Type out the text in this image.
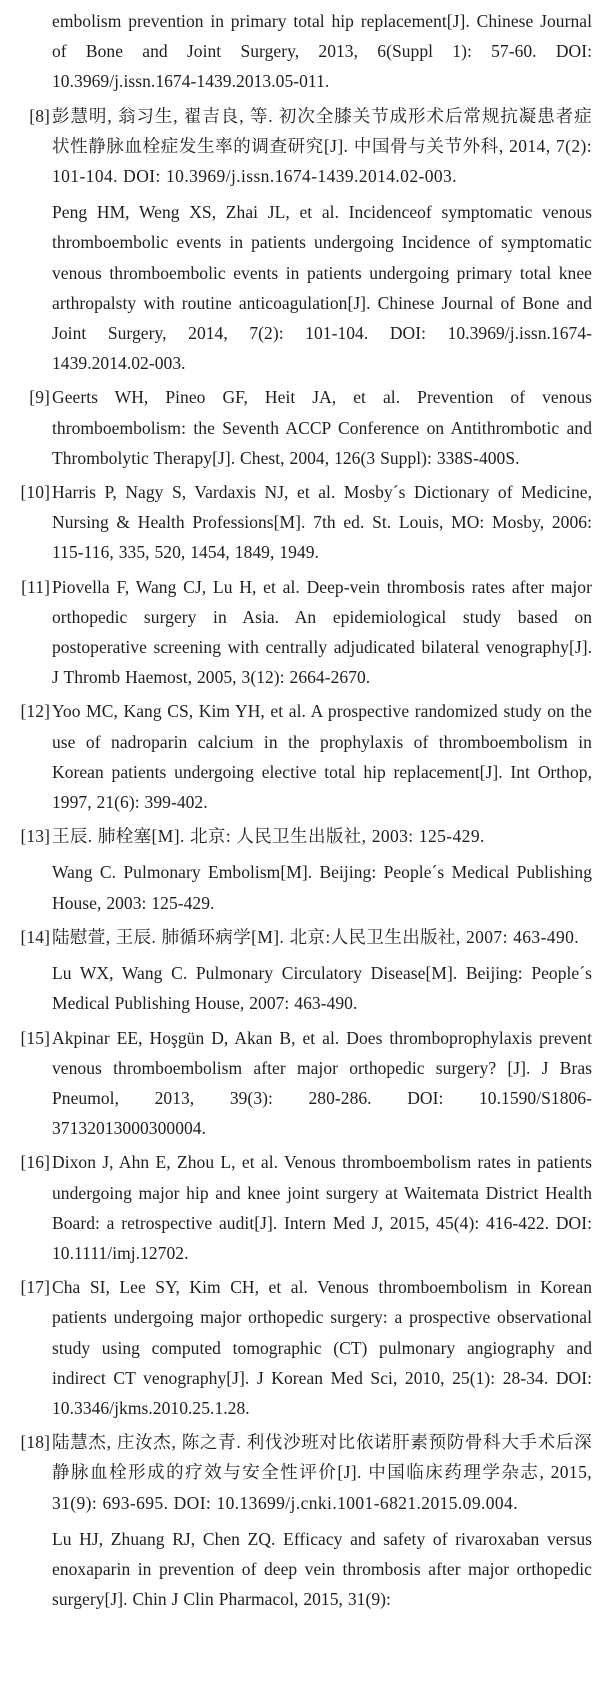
embolism prevention in primary total hip replacement[J]. Chinese Journal of Bone and Joint Surgery, 2013, 6(Suppl 1): 57-60. DOI: 10.3969/j.issn.1674-1439.2013.05-011.

[8] 彭慧明, 翁习生, 翟吉良, 等. 初次全膝关节成形术后常规抗凝患者症状性静脉血栓症发生率的调查研究[J]. 中国骨与关节外科, 2014, 7(2): 101-104. DOI: 10.3969/j.issn.1674-1439.2014.02-003.

Peng HM, Weng XS, Zhai JL, et al. Incidenceof symptomatic venous thromboembolic events in patients undergoing Incidence of symptomatic venous thromboembolic events in patients undergoing primary total knee arthropalsty with routine anticoagulation[J]. Chinese Journal of Bone and Joint Surgery, 2014, 7(2): 101-104. DOI: 10.3969/j.issn.1674-1439.2014.02-003.

[9] Geerts WH, Pineo GF, Heit JA, et al. Prevention of venous thromboembolism: the Seventh ACCP Conference on Antithrombotic and Thrombolytic Therapy[J]. Chest, 2004, 126(3 Suppl): 338S-400S.

[10] Harris P, Nagy S, Vardaxis NJ, et al. Mosby´s Dictionary of Medicine, Nursing & Health Professions[M]. 7th ed. St. Louis, MO: Mosby, 2006: 115-116, 335, 520, 1454, 1849, 1949.

[11] Piovella F, Wang CJ, Lu H, et al. Deep-vein thrombosis rates after major orthopedic surgery in Asia. An epidemiological study based on postoperative screening with centrally adjudicated bilateral venography[J]. J Thromb Haemost, 2005, 3(12): 2664-2670.

[12] Yoo MC, Kang CS, Kim YH, et al. A prospective randomized study on the use of nadroparin calcium in the prophylaxis of thromboembolism in Korean patients undergoing elective total hip replacement[J]. Int Orthop, 1997, 21(6): 399-402.

[13] 王辰. 肺栓塞[M]. 北京: 人民卫生出版社, 2003: 125-429.

Wang C. Pulmonary Embolism[M]. Beijing: People´s Medical Publishing House, 2003: 125-429.

[14] 陆慰萱, 王辰. 肺循环病学[M]. 北京:人民卫生出版社, 2007: 463-490.

Lu WX, Wang C. Pulmonary Circulatory Disease[M]. Beijing: People´s Medical Publishing House, 2007: 463-490.

[15] Akpinar EE, Hoşgün D, Akan B, et al. Does thromboprophylaxis prevent venous thromboembolism after major orthopedic surgery? [J]. J Bras Pneumol, 2013, 39(3): 280-286. DOI: 10.1590/S1806-37132013000300004.

[16] Dixon J, Ahn E, Zhou L, et al. Venous thromboembolism rates in patients undergoing major hip and knee joint surgery at Waitemata District Health Board: a retrospective audit[J]. Intern Med J, 2015, 45(4): 416-422. DOI: 10.1111/imj.12702.

[17] Cha SI, Lee SY, Kim CH, et al. Venous thromboembolism in Korean patients undergoing major orthopedic surgery: a prospective observational study using computed tomographic (CT) pulmonary angiography and indirect CT venography[J]. J Korean Med Sci, 2010, 25(1): 28-34. DOI: 10.3346/jkms.2010.25.1.28.

[18] 陆慧杰, 庄汝杰, 陈之青. 利伐沙班对比依诺肝素预防骨科大手术后深静脉血栓形成的疗效与安全性评价[J]. 中国临床药理学杂志, 2015, 31(9): 693-695. DOI: 10.13699/j.cnki.1001-6821.2015.09.004.

Lu HJ, Zhuang RJ, Chen ZQ. Efficacy and safety of rivaroxaban versus enoxaparin in prevention of deep vein thrombosis after major orthopedic surgery[J]. Chin J Clin Pharmacol, 2015, 31(9):
